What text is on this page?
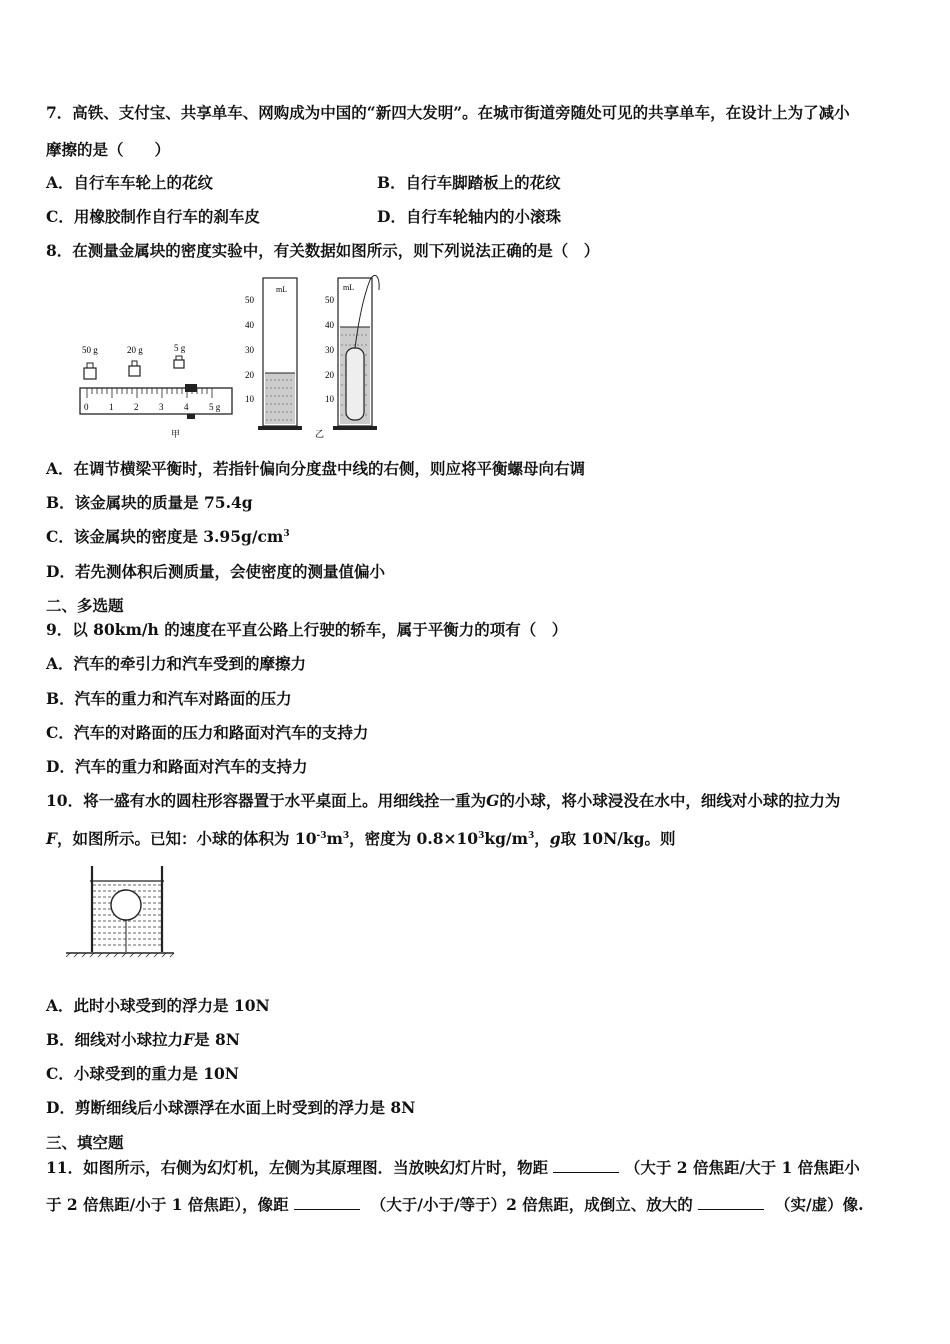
7．高铁、支付宝、共享单车、网购成为中国的“新四大发明”。在城市街道旁随处可见的共享单车，在设计上为了减小
摩擦的是（　　）
A．自行车车轮上的花纹	B．自行车脚踏板上的花纹
C．用橡胶制作自行车的刹车皮	D．自行车轮轴内的小滚珠
8．在测量金属块的密度实验中，有关数据如图所示，则下列说法正确的是（　）
50 g	20 g	5 g
0 1 2 3 4 5 g
甲
50
40
30
20
10
mL
50
40
30
20
10
mL
乙
A．在调节横梁平衡时，若指针偏向分度盘中线的右侧，则应将平衡螺母向右调
B．该金属块的质量是 75.4g
C．该金属块的密度是 $3.95g/cm^3$
D．若先测体积后测质量，会使密度的测量值偏小
二、多选题
9．以 80km/h 的速度在平直公路上行驶的轿车，属于平衡力的项有（　）
A．汽车的牵引力和汽车受到的摩擦力
B．汽车的重力和汽车对路面的压力
C．汽车的对路面的压力和路面对汽车的支持力
D．汽车的重力和路面对汽车的支持力
10．将一盛有水的圆柱形容器置于水平桌面上。用细线拴一重为G的小球，将小球浸没在水中，细线对小球的拉力为
F，如图所示。已知：小球的体积为 $10^{-3}m^3$，密度为 $0.8\times 10^3kg/m^3$，g取 10N/kg。则
A．此时小球受到的浮力是 10N
B．细线对小球拉力F是 8N
C．小球受到的重力是 10N
D．剪断细线后小球漂浮在水面上时受到的浮力是 8N
三、填空题
11．如图所示，右侧为幻灯机，左侧为其原理图．当放映幻灯片时，物距	（大于 2 倍焦距/大于 1 倍焦距小
于 2 倍焦距/小于 1 倍焦距），像距	（大于/小于/等于）2 倍焦距，成倒立、放大的	（实/虚）像.
